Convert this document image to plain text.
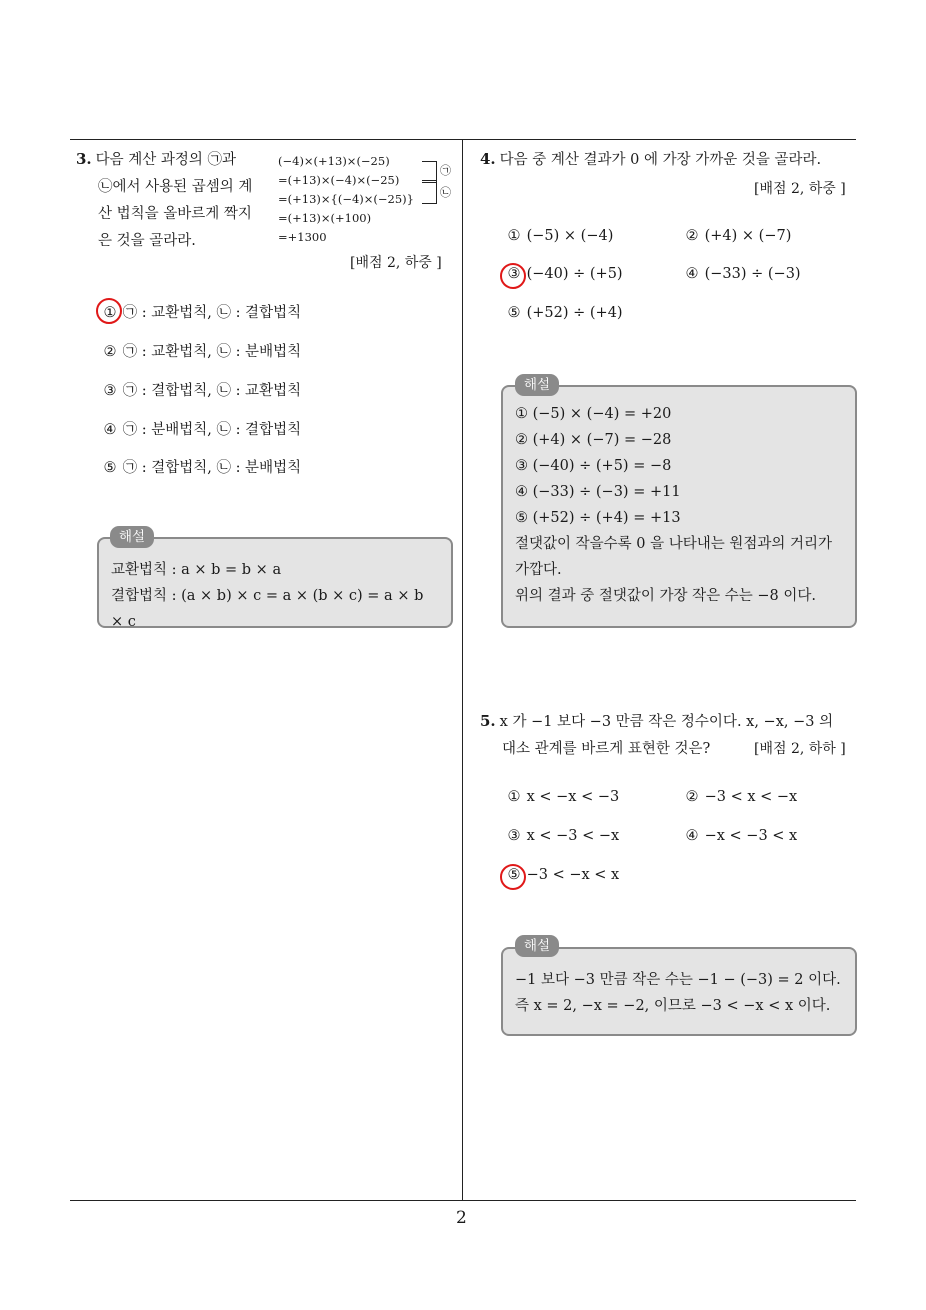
2
3. 다음 계산 과정의 ㉠과
㉡에서 사용된 곱셈의 계
산 법칙을 올바르게 짝지
은 것을 골라라.
(−4)×(+13)×(−25)
=(+13)×(−4)×(−25)
=(+13)×{(−4)×(−25)}
=(+13)×(+100)
=+1300
㉠
㉡
[배점 2, 하중 ]
① ㉠ : 교환법칙, ㉡ : 결합법칙
② ㉠ : 교환법칙, ㉡ : 분배법칙
③ ㉠ : 결합법칙, ㉡ : 교환법칙
④ ㉠ : 분배법칙, ㉡ : 결합법칙
⑤ ㉠ : 결합법칙, ㉡ : 분배법칙
교환법칙 : a × b = b × a
결합법칙 : (a × b) × c = a × (b × c) = a × b × c
해설
4. 다음 중 계산 결과가 0 에 가장 가까운 것을 골라라.
[배점 2, 하중 ]
① (−5) × (−4)	② (+4) × (−7)
③ (−40) ÷ (+5)	④ (−33) ÷ (−3)
⑤ (+52) ÷ (+4)
① (−5) × (−4) = +20
② (+4) × (−7) = −28
③ (−40) ÷ (+5) = −8
④ (−33) ÷ (−3) = +11
⑤ (+52) ÷ (+4) = +13
절댓값이 작을수록 0 을 나타내는 원점과의 거리가
가깝다.
위의 결과 중 절댓값이 가장 작은 수는 −8 이다.
해설
5. x 가 −1 보다 −3 만큼 작은 정수이다. x, −x, −3 의
대소 관계를 바르게 표현한 것은?	[배점 2, 하하 ]
① x < −x < −3	② −3 < x < −x
③ x < −3 < −x	④ −x < −3 < x
⑤ −3 < −x < x
−1 보다 −3 만큼 작은 수는 −1 − (−3) = 2 이다.
즉 x = 2, −x = −2, 이므로 −3 < −x < x 이다.
해설
